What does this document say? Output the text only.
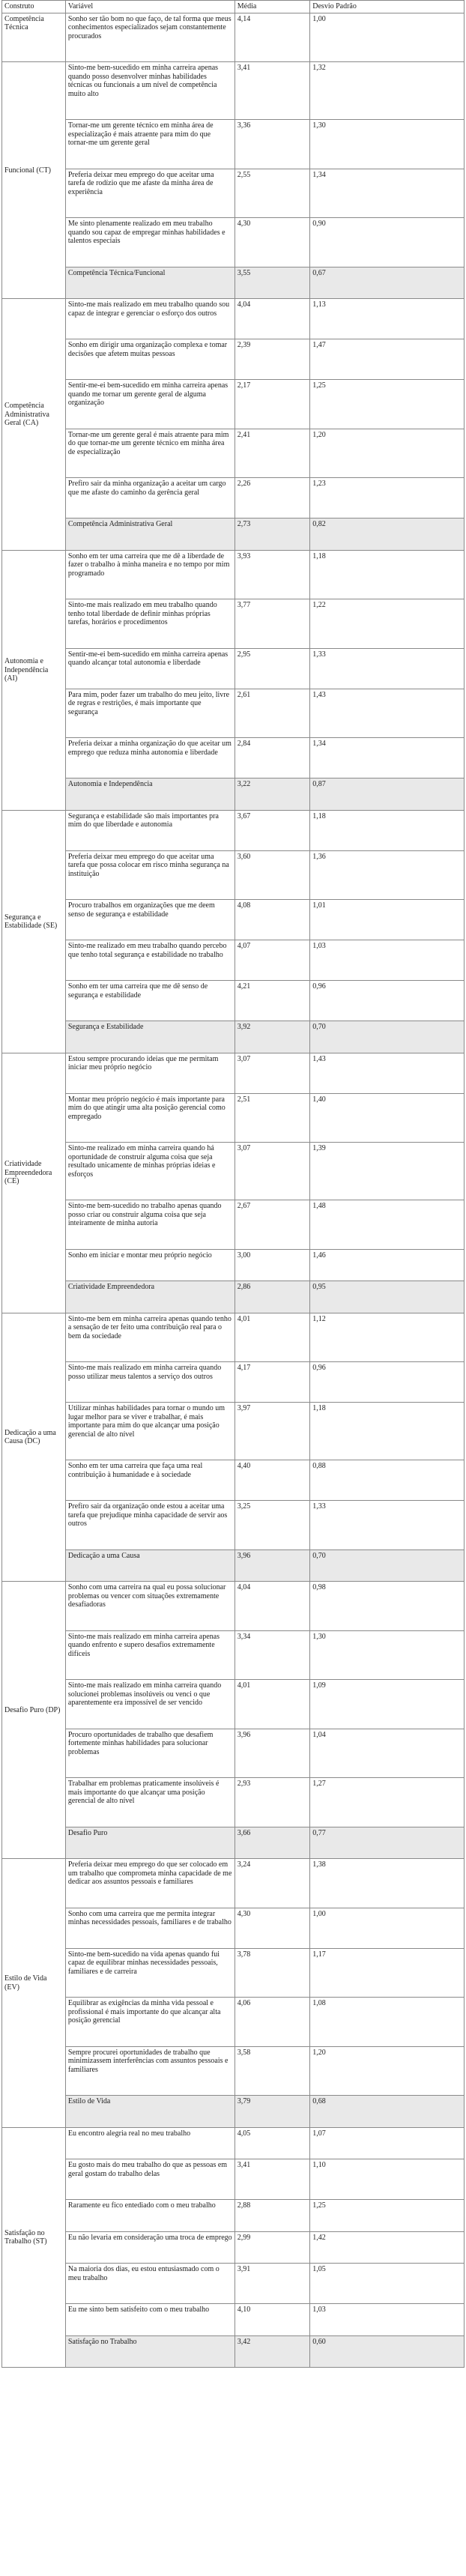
Construto	Variável	Média	Desvio Padrão
Competência Técnica	Sonho ser tão bom no que faço, de tal forma que meus conhecimentos especializados sejam constantemente procurados	4,14	1,00
Funcional (CT)	Sinto-me bem-sucedido em minha carreira apenas quando posso desenvolver minhas habilidades técnicas ou funcionais a um nível de competência muito alto	3,41	1,32
	Tornar-me um gerente técnico em minha área de especialização é mais atraente para mim do que tornar-me um gerente geral	3,36	1,30
	Preferia deixar meu emprego do que aceitar uma tarefa de rodízio que me afaste da minha área de experiência	2,55	1,34
	Me sinto plenamente realizado em meu trabalho quando sou capaz de empregar minhas habilidades e talentos especiais	4,30	0,90
	Competência Técnica/Funcional	3,55	0,67
Competência Administrativa Geral (CA)	Sinto-me mais realizado em meu trabalho quando sou capaz de integrar e gerenciar o esforço dos outros	4,04	1,13
	Sonho em dirigir uma organização complexa e tomar decisões que afetem muitas pessoas	2,39	1,47
	Sentir-me-ei bem-sucedido em minha carreira apenas quando me tornar um gerente geral de alguma organização	2,17	1,25
	Tornar-me um gerente geral é mais atraente para mim do que tornar-me um gerente técnico em minha área de especialização	2,41	1,20
	Prefiro sair da minha organização a aceitar um cargo que me afaste do caminho da gerência geral	2,26	1,23
	Competência Administrativa Geral	2,73	0,82
Autonomia e Independência (AI)	Sonho em ter uma carreira que me dê a liberdade de fazer o trabalho à minha maneira e no tempo por mim programado	3,93	1,18
	Sinto-me mais realizado em meu trabalho quando tenho total liberdade de definir minhas próprias tarefas, horários e procedimentos	3,77	1,22
	Sentir-me-ei bem-sucedido em minha carreira apenas quando alcançar total autonomia e liberdade	2,95	1,33
	Para mim, poder fazer um trabalho do meu jeito, livre de regras e restrições, é mais importante que segurança	2,61	1,43
	Preferia deixar a minha organização do que aceitar um emprego que reduza minha autonomia e liberdade	2,84	1,34
	Autonomia e Independência	3,22	0,87
Segurança e Estabilidade (SE)	Segurança e estabilidade são mais importantes pra mim do que liberdade e autonomia	3,67	1,18
	Preferia deixar meu emprego do que aceitar uma tarefa que possa colocar em risco minha segurança na instituição	3,60	1,36
	Procuro trabalhos em organizações que me deem senso de segurança e estabilidade	4,08	1,01
	Sinto-me realizado em meu trabalho quando percebo que tenho total segurança e estabilidade no trabalho	4,07	1,03
	Sonho em ter uma carreira que me dê senso de segurança e estabilidade	4,21	0,96
	Segurança e Estabilidade	3,92	0,70
Criatividade Empreendedora (CE)	Estou sempre procurando ideias que me permitam iniciar meu próprio negócio	3,07	1,43
	Montar meu próprio negócio é mais importante para mim do que atingir uma alta posição gerencial como empregado	2,51	1,40
	Sinto-me realizado em minha carreira quando há oportunidade de construir alguma coisa que seja resultado unicamente de minhas próprias ideias e esforços	3,07	1,39
	Sinto-me bem-sucedido no trabalho apenas quando posso criar ou construir alguma coisa que seja inteiramente de minha autoria	2,67	1,48
	Sonho em iniciar e montar meu próprio negócio	3,00	1,46
	Criatividade Empreendedora	2,86	0,95
Dedicação a uma Causa (DC)	Sinto-me bem em minha carreira apenas quando tenho a sensação de ter feito uma contribuição real para o bem da sociedade	4,01	1,12
	Sinto-me mais realizado em minha carreira quando posso utilizar meus talentos a serviço dos outros	4,17	0,96
	Utilizar minhas habilidades para tornar o mundo um lugar melhor para se viver e trabalhar, é mais importante para mim do que alcançar uma posição gerencial de alto nível	3,97	1,18
	Sonho em ter uma carreira que faça uma real contribuição à humanidade e à sociedade	4,40	0,88
	Prefiro sair da organização onde estou a aceitar uma tarefa que prejudique minha capacidade de servir aos outros	3,25	1,33
	Dedicação a uma Causa	3,96	0,70
Desafio Puro (DP)	Sonho com uma carreira na qual eu possa solucionar problemas ou vencer com situações extremamente desafiadoras	4,04	0,98
	Sinto-me mais realizado em minha carreira apenas quando enfrento e supero desafios extremamente difíceis	3,34	1,30
	Sinto-me mais realizado em minha carreira quando solucionei problemas insolúveis ou venci o que aparentemente era impossível de ser vencido	4,01	1,09
	Procuro oportunidades de trabalho que desafiem fortemente minhas habilidades para solucionar problemas	3,96	1,04
	Trabalhar em problemas praticamente insolúveis é mais importante do que alcançar uma posição gerencial de alto nível	2,93	1,27
	Desafio Puro	3,66	0,77
Estilo de Vida (EV)	Preferia deixar meu emprego do que ser colocado em um trabalho que comprometa minha capacidade de me dedicar aos assuntos pessoais e familiares	3,24	1,38
	Sonho com uma carreira que me permita integrar minhas necessidades pessoais, familiares e de trabalho	4,30	1,00
	Sinto-me bem-sucedido na vida apenas quando fui capaz de equilibrar minhas necessidades pessoais, familiares e de carreira	3,78	1,17
	Equilibrar as exigências da minha vida pessoal e profissional é mais importante do que alcançar alta posição gerencial	4,06	1,08
	Sempre procurei oportunidades de trabalho que minimizassem interferências com assuntos pessoais e familiares	3,58	1,20
	Estilo de Vida	3,79	0,68
Satisfação no Trabalho (ST)	Eu encontro alegria real no meu trabalho	4,05	1,07
	Eu gosto mais do meu trabalho do que as pessoas em geral gostam do trabalho delas	3,41	1,10
	Raramente eu fico entediado com o meu trabalho	2,88	1,25
	Eu não levaria em consideração uma troca de emprego	2,99	1,42
	Na maioria dos dias, eu estou entusiasmado com o meu trabalho	3,91	1,05
	Eu me sinto bem satisfeito com o meu trabalho	4,10	1,03
	Satisfação no Trabalho	3,42	0,60
